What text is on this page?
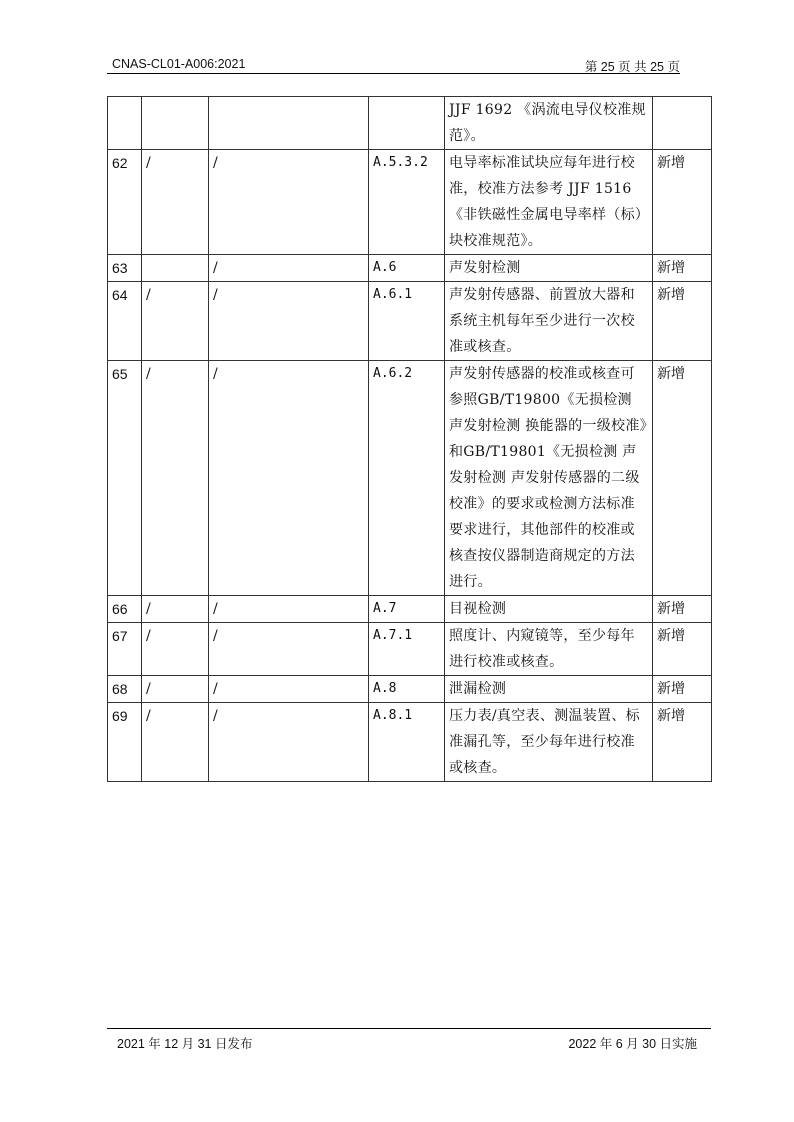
CNAS-CL01-A006:2021	第 25 页 共 25 页
				JJF 1692 《涡流电导仪校准规范》。	
62	/	/	A.5.3.2	电导率标准试块应每年进行校准，校准方法参考 JJF 1516 《非铁磁性金属电导率样（标）块校准规范》。	新增
63		/	A.6	声发射检测	新增
64	/	/	A.6.1	声发射传感器、前置放大器和系统主机每年至少进行一次校准或核查。	新增
65	/	/	A.6.2	声发射传感器的校准或核查可参照GB/T19800《无损检测 声发射检测 换能器的一级校准》和GB/T19801《无损检测 声发射检测 声发射传感器的二级校准》的要求或检测方法标准要求进行，其他部件的校准或核查按仪器制造商规定的方法进行。	新增
66	/	/	A.7	目视检测	新增
67	/	/	A.7.1	照度计、内窥镜等，至少每年进行校准或核查。	新增
68	/	/	A.8	泄漏检测	新增
69	/	/	A.8.1	压力表/真空表、测温装置、标准漏孔等，至少每年进行校准或核查。	新增
2021 年 12 月 31 日发布	2022 年 6 月 30 日实施
